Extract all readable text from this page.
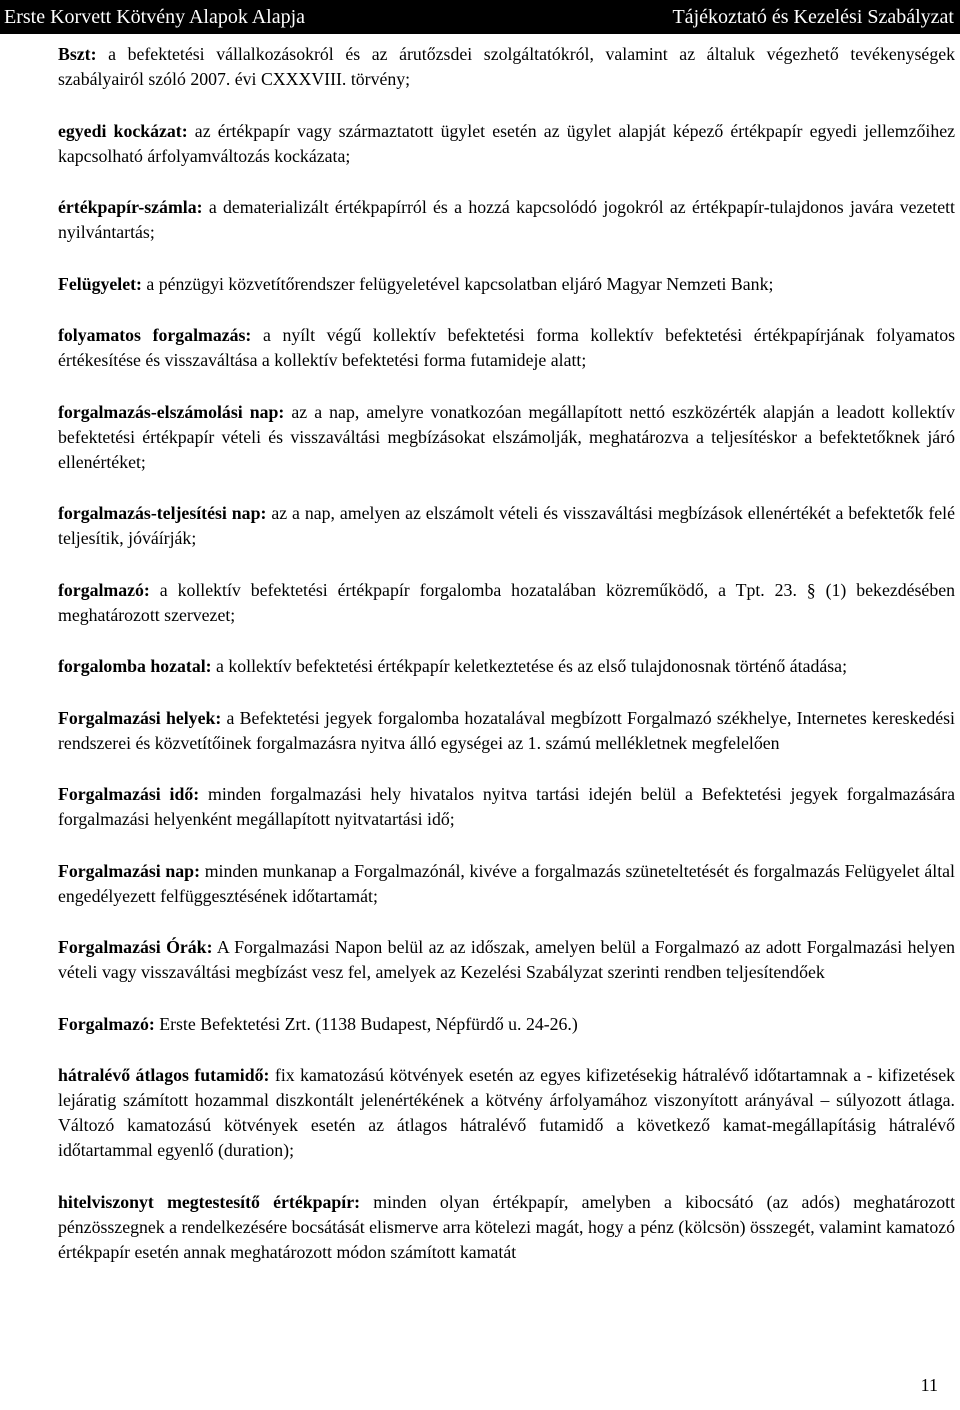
Erste Korvett Kötvény Alapok Alapja	Tájékoztató és Kezelési Szabályzat

Bszt: a befektetési vállalkozásokról és az árutőzsdei szolgáltatókról, valamint az általuk végezhető tevékenységek szabályairól szóló 2007. évi CXXXVIII. törvény;

egyedi kockázat: az értékpapír vagy származtatott ügylet esetén az ügylet alapját képező értékpapír egyedi jellemzőihez kapcsolható árfolyamváltozás kockázata;

értékpapír-számla: a dematerializált értékpapírról és a hozzá kapcsolódó jogokról az értékpapír-tulajdonos javára vezetett nyilvántartás;

Felügyelet: a pénzügyi közvetítőrendszer felügyeletével kapcsolatban eljáró Magyar Nemzeti Bank;

folyamatos forgalmazás: a nyílt végű kollektív befektetési forma kollektív befektetési értékpapírjának folyamatos értékesítése és visszaváltása a kollektív befektetési forma futamideje alatt;

forgalmazás-elszámolási nap: az a nap, amelyre vonatkozóan megállapított nettó eszközérték alapján a leadott kollektív befektetési értékpapír vételi és visszaváltási megbízásokat elszámolják, meghatározva a teljesítéskor a befektetőknek járó ellenértéket;

forgalmazás-teljesítési nap: az a nap, amelyen az elszámolt vételi és visszaváltási megbízások ellenértékét a befektetők felé teljesítik, jóváírják;

forgalmazó: a kollektív befektetési értékpapír forgalomba hozatalában közreműködő, a Tpt. 23. § (1) bekezdésében meghatározott szervezet;

forgalomba hozatal: a kollektív befektetési értékpapír keletkeztetése és az első tulajdonosnak történő átadása;

Forgalmazási helyek: a Befektetési jegyek forgalomba hozatalával megbízott Forgalmazó székhelye, Internetes kereskedési rendszerei és közvetítőinek forgalmazásra nyitva álló egységei az 1. számú mellékletnek megfelelően

Forgalmazási idő: minden forgalmazási hely hivatalos nyitva tartási idején belül a Befektetési jegyek forgalmazására forgalmazási helyenként megállapított nyitvatartási idő;

Forgalmazási nap: minden munkanap a Forgalmazónál, kivéve a forgalmazás szüneteltetését és forgalmazás Felügyelet által engedélyezett felfüggesztésének időtartamát;

Forgalmazási Órák: A Forgalmazási Napon belül az az időszak, amelyen belül a Forgalmazó az adott Forgalmazási helyen vételi vagy visszaváltási megbízást vesz fel, amelyek az Kezelési Szabályzat szerinti rendben teljesítendőek

Forgalmazó: Erste Befektetési Zrt. (1138 Budapest, Népfürdő u. 24-26.)

hátralévő átlagos futamidő: fix kamatozású kötvények esetén az egyes kifizetésekig hátralévő időtartamnak a - kifizetések lejáratig számított hozammal diszkontált jelenértékének a kötvény árfolyamához viszonyított arányával – súlyozott átlaga. Változó kamatozású kötvények esetén az átlagos hátralévő futamidő a következő kamat-megállapításig hátralévő időtartammal egyenlő (duration);

hitelviszonyt megtestesítő értékpapír: minden olyan értékpapír, amelyben a kibocsátó (az adós) meghatározott pénzösszegnek a rendelkezésére bocsátását elismerve arra kötelezi magát, hogy a pénz (kölcsön) összegét, valamint kamatozó értékpapír esetén annak meghatározott módon számított kamatát

11
